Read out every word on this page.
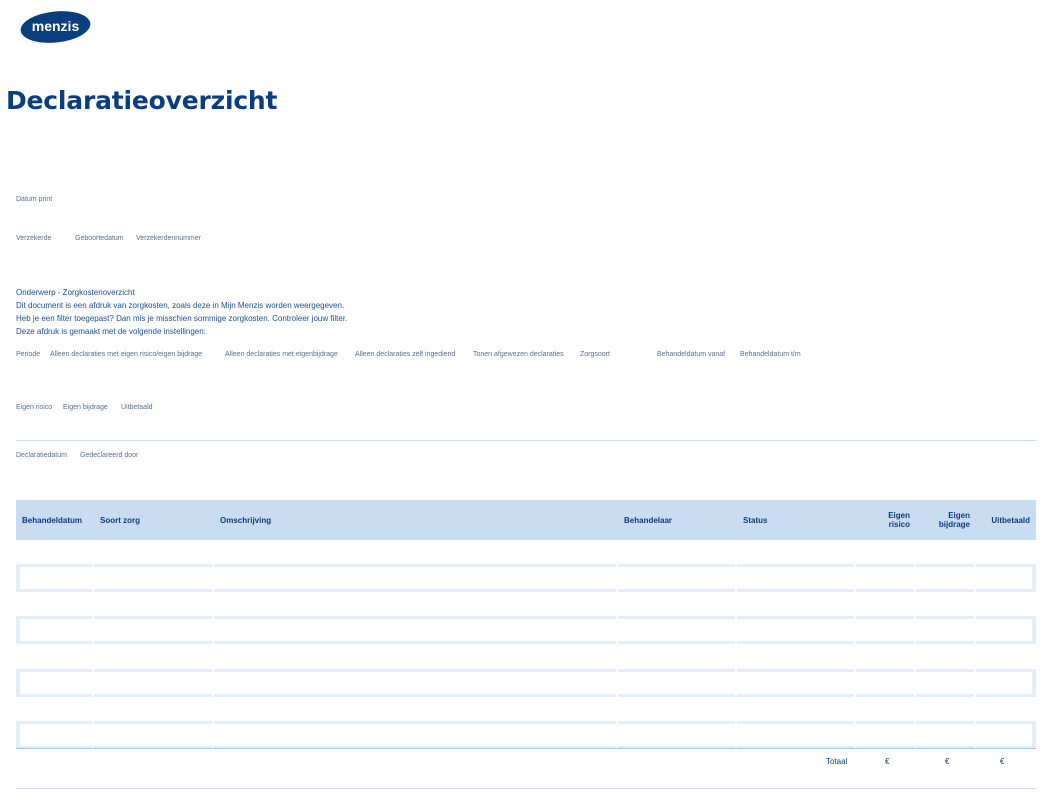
menzis
Declaratieoverzicht
Datum print
Verzekerde	Geboortedatum Verzekerdennummer
Onderwerp - Zorgkostenoverzicht
Dit document is een afdruk van zorgkosten, zoals deze in Mijn Menzis worden weergegeven.
Heb je een filter toegepast? Dan mis je misschien sommige zorgkosten. Controleer jouw filter.
Deze afdruk is gemaakt met de volgende instellingen:
Periode Alleen declaraties met eigen risico/eigen bijdrage	Alleen declaraties met eigenbijdrage Alleen declaraties zelf ingediend	Tonen afgewezen declaraties Zorgsoort	Behandeldatum vanaf Behandeldatum t/m
Eigen risico Eigen bijdrage Uitbetaald
Declaratiedatum Gedeclareerd door
Behandeldatum	Soort zorg	Omschrijving	Behandelaar	Status	Eigen
risico
Eigen
bijdrage	Uitbetaald
Totaal	€	€	€
